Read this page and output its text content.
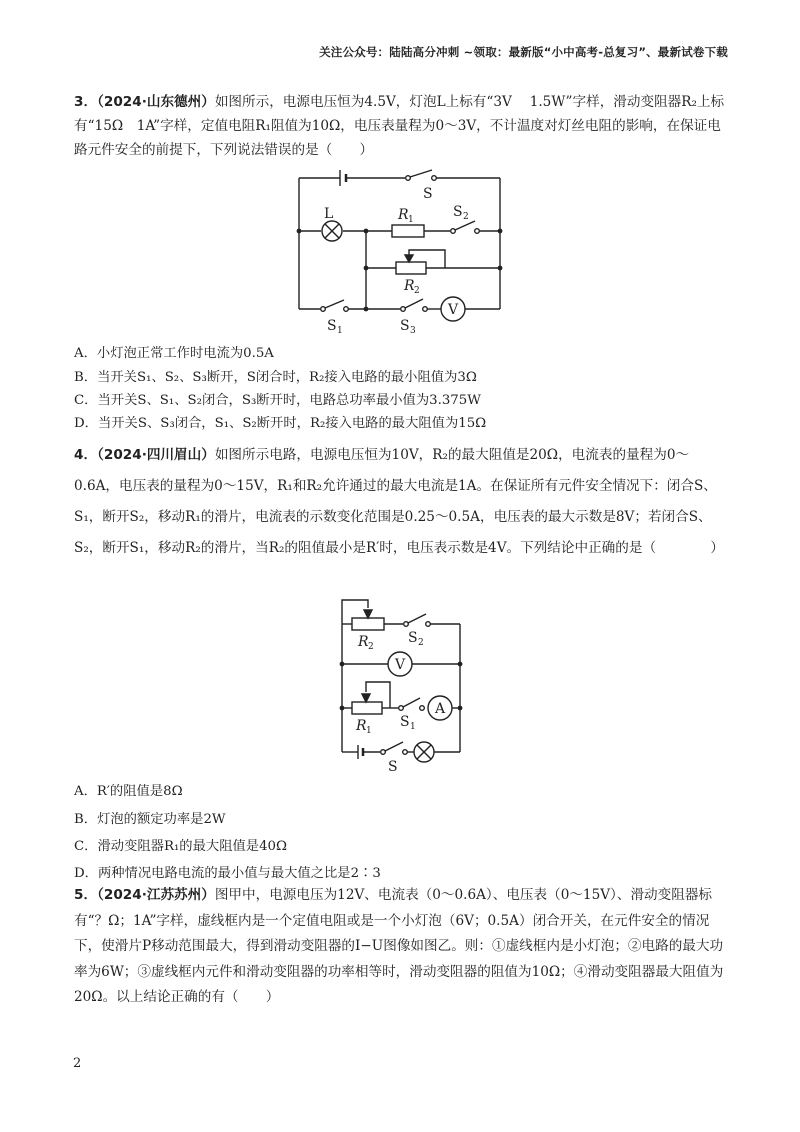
关注公众号：陆陆高分冲刺 ~领取：最新版“小中高考-总复习”、最新试卷下载

3．（2024·山东德州）如图所示，电源电压恒为4.5V，灯泡L上标有“3V　 1.5W”字样，滑动变阻器R₂上标有“15Ω　1A”字样，定值电阻R₁阻值为10Ω，电压表量程为0～3V，不计温度对灯丝电阻的影响，在保证电路元件安全的前提下，下列说法错误的是（　　）

S
L	R 1	S 2
R 2
V
S 1	S 3

A．小灯泡正常工作时电流为0.5A

B．当开关S₁、S₂、S₃断开，S闭合时，R₂接入电路的最小阻值为3Ω

C．当开关S、S₁、S₂闭合，S₃断开时，电路总功率最小值为3.375W

D．当开关S、S₃闭合，S₁、S₂断开时，R₂接入电路的最大阻值为15Ω

4．（2024·四川眉山）如图所示电路，电源电压恒为10V，R₂的最大阻值是20Ω，电流表的量程为0～0.6A，电压表的量程为0～15V，R₁和R₂允许通过的最大电流是1A。在保证所有元件安全情况下：闭合S、S₁，断开S₂，移动R₁的滑片，电流表的示数变化范围是0.25～0.5A，电压表的最大示数是8V；若闭合S、S₂，断开S₁，移动R₂的滑片，当R₂的阻值最小是R′时，电压表示数是4V。下列结论中正确的是（　　　　）

R 2
S 2
V
R 1
S 1
A
S

A．R′的阻值是8Ω

B．灯泡的额定功率是2W

C．滑动变阻器R₁的最大阻值是40Ω

D．两种情况电路电流的最小值与最大值之比是2∶3

5．（2024·江苏苏州）图甲中，电源电压为12V、电流表（0～0.6A）、电压表（0～15V）、滑动变阻器标有“？Ω；1A”字样，虚线框内是一个定值电阻或是一个小灯泡（6V；0.5A）闭合开关，在元件安全的情况下，使滑片P移动范围最大，得到滑动变阻器的I−U图像如图乙。则：①虚线框内是小灯泡；②电路的最大功率为6W；③虚线框内元件和滑动变阻器的功率相等时，滑动变阻器的阻值为10Ω；④滑动变阻器最大阻值为20Ω。以上结论正确的有（　　）

2
